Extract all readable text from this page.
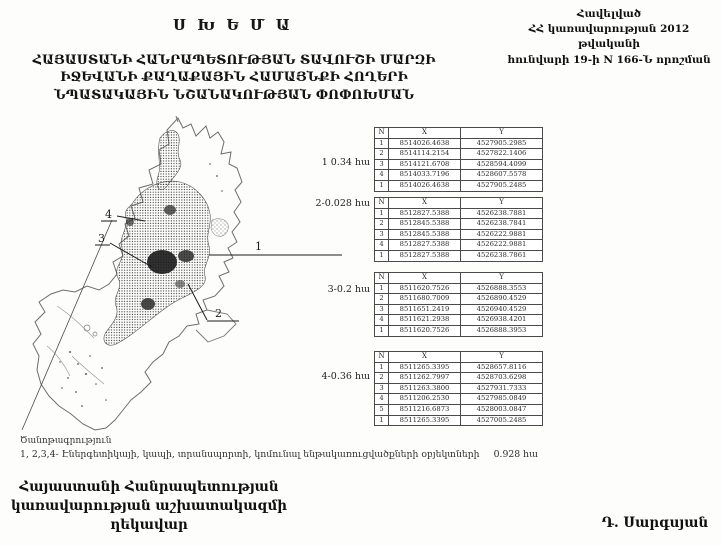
Հավելված
ՀՀ կառավարության 2012 թվականի
հունվարի 19-ի N 166-Ն որոշման
Ս Խ Ե Մ Ա
ՀԱՅԱՍՏԱՆԻ ՀԱՆՐԱՊԵՏՈՒԹՅԱՆ ՏԱՎՈՒՇԻ ՄԱՐԶԻ
ԻՋԵՎԱՆԻ ՔԱՂԱՔԱՅԻՆ ՀԱՄԱՅՆՔԻ ՀՈՂԵՐԻ
ՆՊԱՏԱԿԱՅԻՆ ՆՇԱՆԱԿՈՒԹՅԱՆ ՓՈՓՈԽՄԱՆ
4
3
1
2
1 0.34 հա
2-0.028 հա
3-0.2 հա
4-0.36 հա
N	X	Y
1	8514026.4638	4527905.2985
2	8514114.2154	4527822.1406
3	8514121.6708	4528594.4099
4	8514033.7196	4528607.5578
1	8514026.4638	4527905.2485
N	X	Y
1	8512827.5388	4526238.7881
2	8512845.5388	4526238.7841
3	8512845.5388	4526222.9881
4	8512827.5388	4526222.9881
1	8512827.5388	4526238.7861
N	X	Y
1	8511620.7526	4526888.3553
2	8511680.7009	4526890.4529
3	8511651.2419	4526940.4529
4	8511621.2938	4526938.4201
1	8511620.7526	4526888.3953
N	X	Y
1	8511265.3395	4528657.8116
2	8511262.7997	4528703.6298
3	8511263.3800	4527931.7333
4	8511206.2530	4527985.0849
5	8511216.6873	4528003.0847
1	8511265.3395	4527005.2485
Ծանոթագրություն
1, 2,3,4- Էներգետիկայի, կապի, տրանսպորտի, կոմունալ ենթակառուցվածքների օբյեկտների 0.928 հա
Հայաստանի Հանրապետության
կառավարության աշխատակազմի
ղեկավար	Դ. Սարգսյան
